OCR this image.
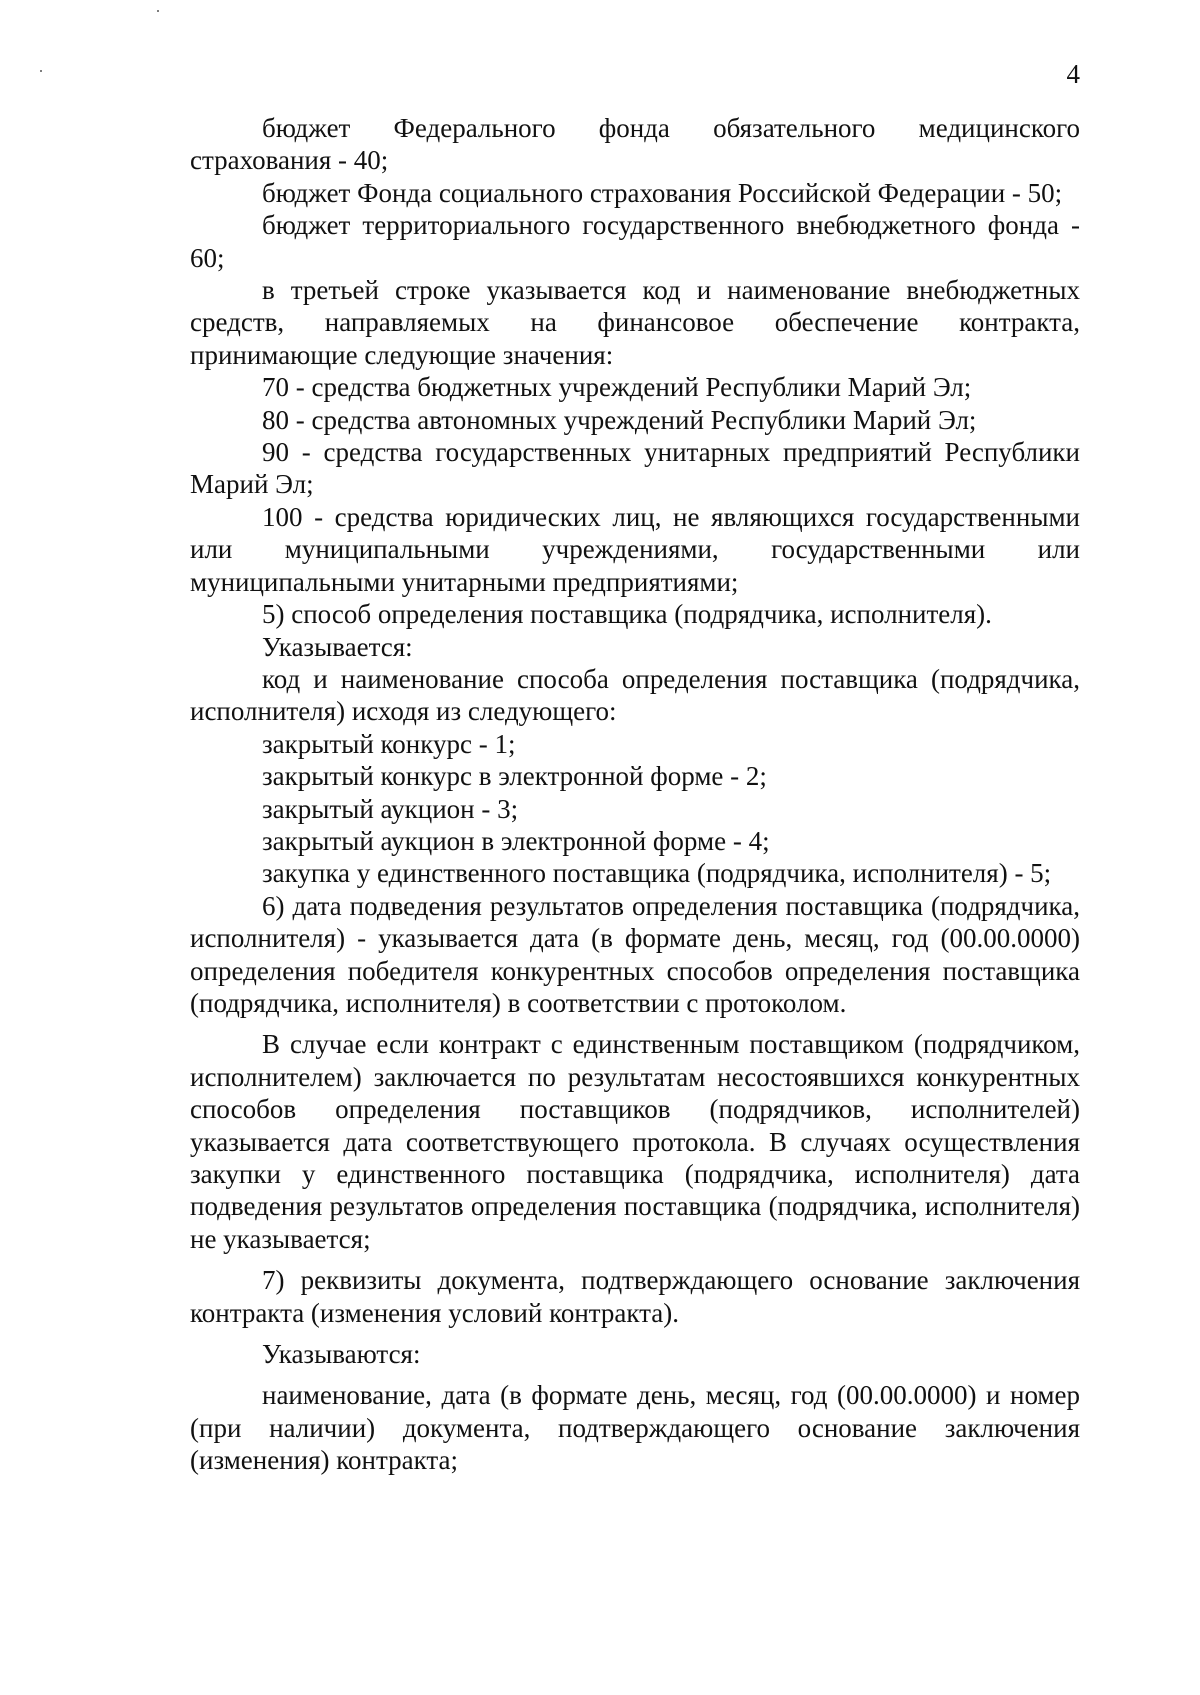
4

бюджет Федерального фонда обязательного медицинского страхования - 40;

бюджет Фонда социального страхования Российской Федерации - 50;

бюджет территориального государственного внебюджетного фонда - 60;

в третьей строке указывается код и наименование внебюджетных средств, направляемых на финансовое обеспечение контракта, принимающие следующие значения:

70 - средства бюджетных учреждений Республики Марий Эл;

80 - средства автономных учреждений Республики Марий Эл;

90 - средства государственных унитарных предприятий Республики Марий Эл;

100 - средства юридических лиц, не являющихся государственными или муниципальными учреждениями, государственными или муниципальными унитарными предприятиями;

5) способ определения поставщика (подрядчика, исполнителя).

Указывается:

код и наименование способа определения поставщика (подрядчика, исполнителя) исходя из следующего:

закрытый конкурс - 1;

закрытый конкурс в электронной форме - 2;

закрытый аукцион - 3;

закрытый аукцион в электронной форме - 4;

закупка у единственного поставщика (подрядчика, исполнителя) - 5;

6) дата подведения результатов определения поставщика (подрядчика, исполнителя) - указывается дата (в формате день, месяц, год (00.00.0000) определения победителя конкурентных способов определения поставщика (подрядчика, исполнителя) в соответствии с протоколом.

В случае если контракт с единственным поставщиком (подрядчиком, исполнителем) заключается по результатам несостоявшихся конкурентных способов определения поставщиков (подрядчиков, исполнителей) указывается дата соответствующего протокола. В случаях осуществления закупки у единственного поставщика (подрядчика, исполнителя) дата подведения результатов определения поставщика (подрядчика, исполнителя) не указывается;

7) реквизиты документа, подтверждающего основание заключения контракта (изменения условий контракта).

Указываются:

наименование, дата (в формате день, месяц, год (00.00.0000) и номер (при наличии) документа, подтверждающего основание заключения (изменения) контракта;
